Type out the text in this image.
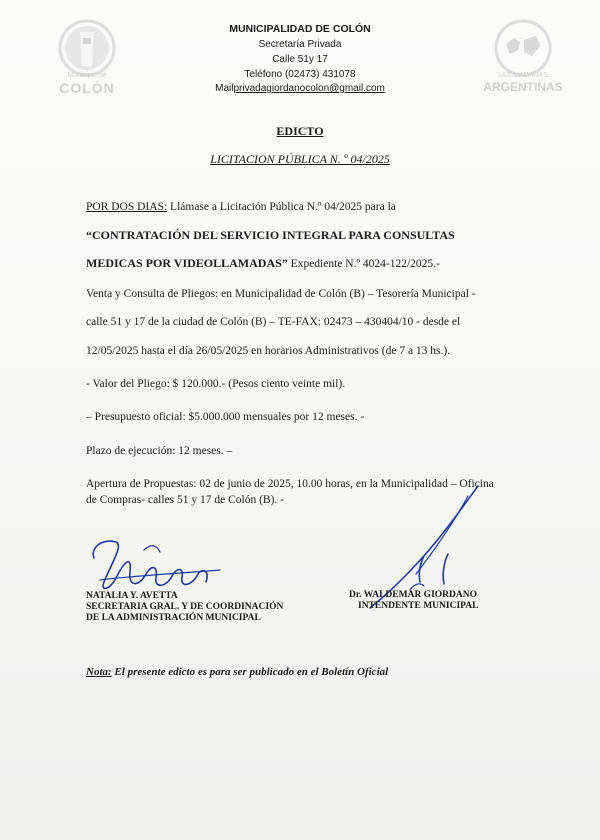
Municipio de
COLÓN
LAS MALVINAS
ARGENTINAS
MUNICIPALIDAD DE COLÓN
Secretaría Privada
Calle 51y 17
Teléfono (02473) 431078
Mailprivadagiordanocolon@gmail.com
EDICTO
LICITACION PÚBLICA N. º 04/2025
POR DOS DIAS: Llámase a Licitación Pública N.º 04/2025 para la
“CONTRATACIÓN DEL SERVICIO INTEGRAL PARA CONSULTAS
MEDICAS POR VIDEOLLAMADAS” Expediente N.º 4024-122/2025.-
Venta y Consulta de Pliegos: en Municipalidad de Colón (B) – Tesorería Municipal -
calle 51 y 17 de la ciudad de Colón (B) – TE-FAX: 02473 – 430404/10 - desde el
12/05/2025 hasta el día 26/05/2025 en horarios Administrativos (de 7 a 13 hs.).
- Valor del Pliego: $ 120.000.- (Pesos ciento veinte mil).
– Presupuesto oficial: $5.000.000 mensuales por 12 meses. -
Plazo de ejecución: 12 meses. –
Apertura de Propuestas: 02 de junio de 2025, 10.00 horas, en la Municipalidad – Oficina
de Compras- calles 51 y 17 de Colón (B). -
NATALIA Y. AVETTA
SECRETARIA GRAL. Y DE COORDINACIÓN
DE LA ADMINISTRACIÓN MUNICIPAL
Dr. WALDEMAR GIORDANO
INTENDENTE MUNICIPAL
Nota: El presente edicto es para ser publicado en el Boletín Oficial
